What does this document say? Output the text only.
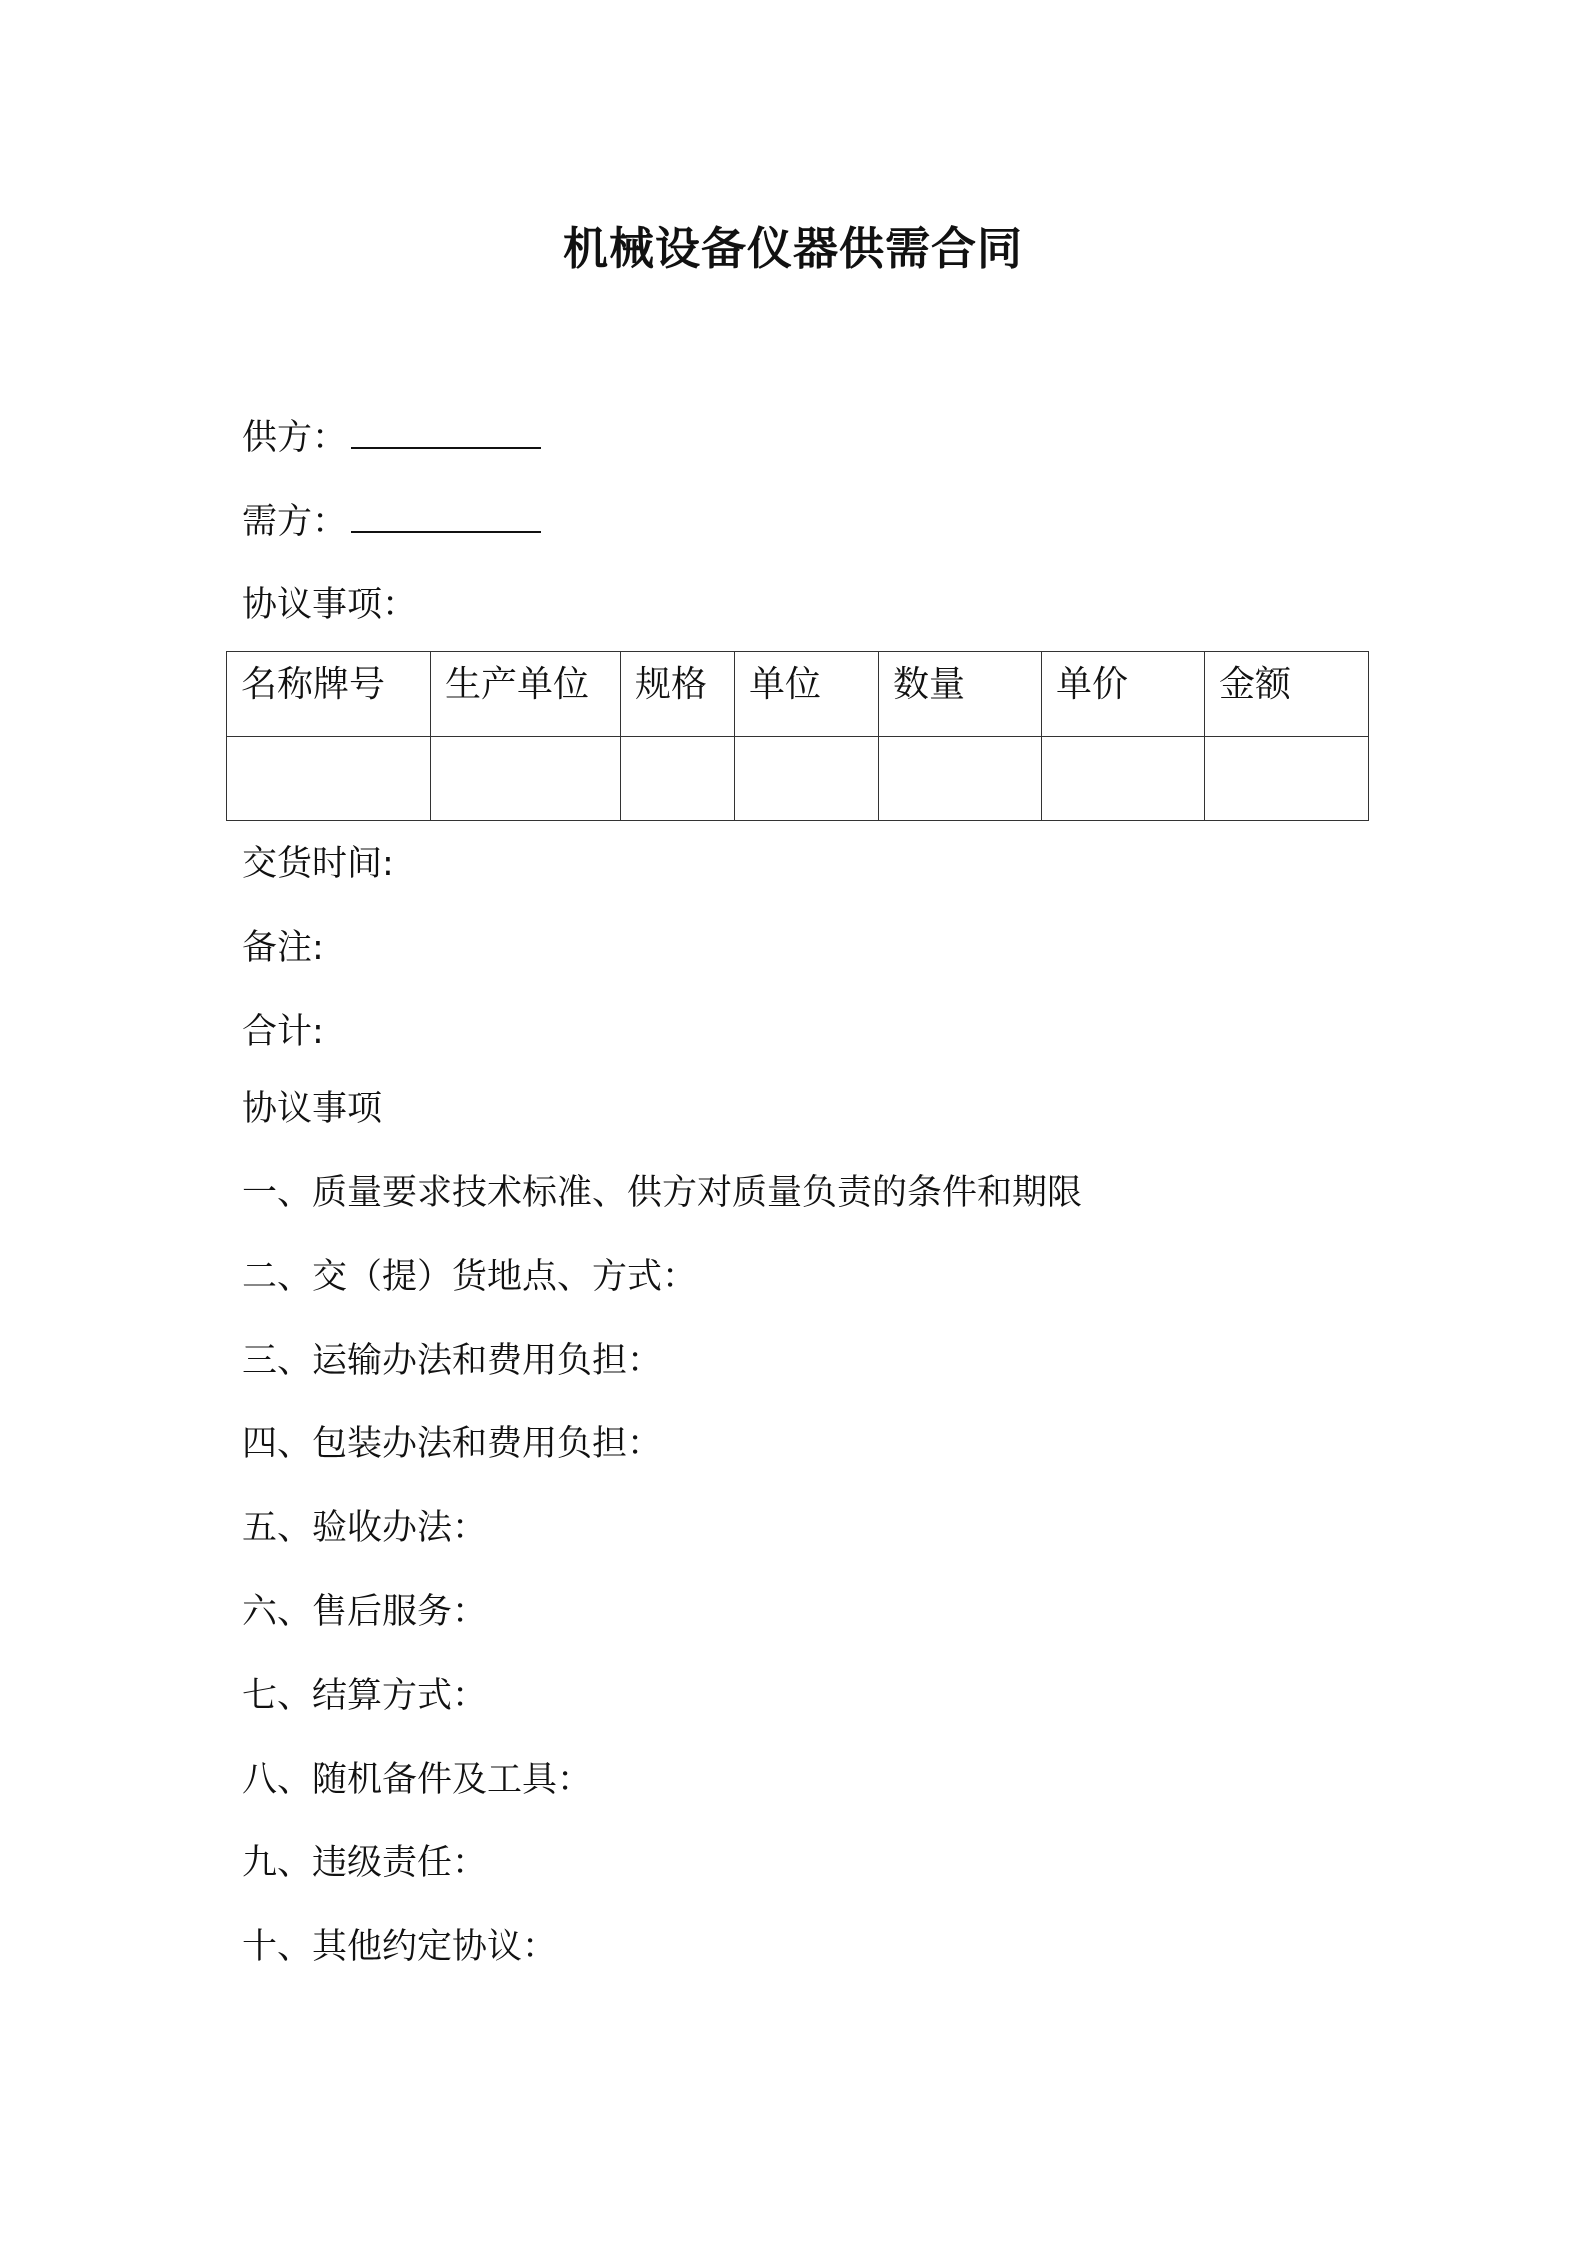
机械设备仪器供需合同
供方：
需方：
协议事项：
名称牌号	生产单位	规格	单位	数量	单价	金额

交货时间:
备注:
合计:
协议事项
一、质量要求技术标准、供方对质量负责的条件和期限
二、交（提）货地点、方式：
三、运输办法和费用负担：
四、包装办法和费用负担：
五、验收办法：
六、售后服务：
七、结算方式：
八、随机备件及工具：
九、违级责任：
十、其他约定协议：
